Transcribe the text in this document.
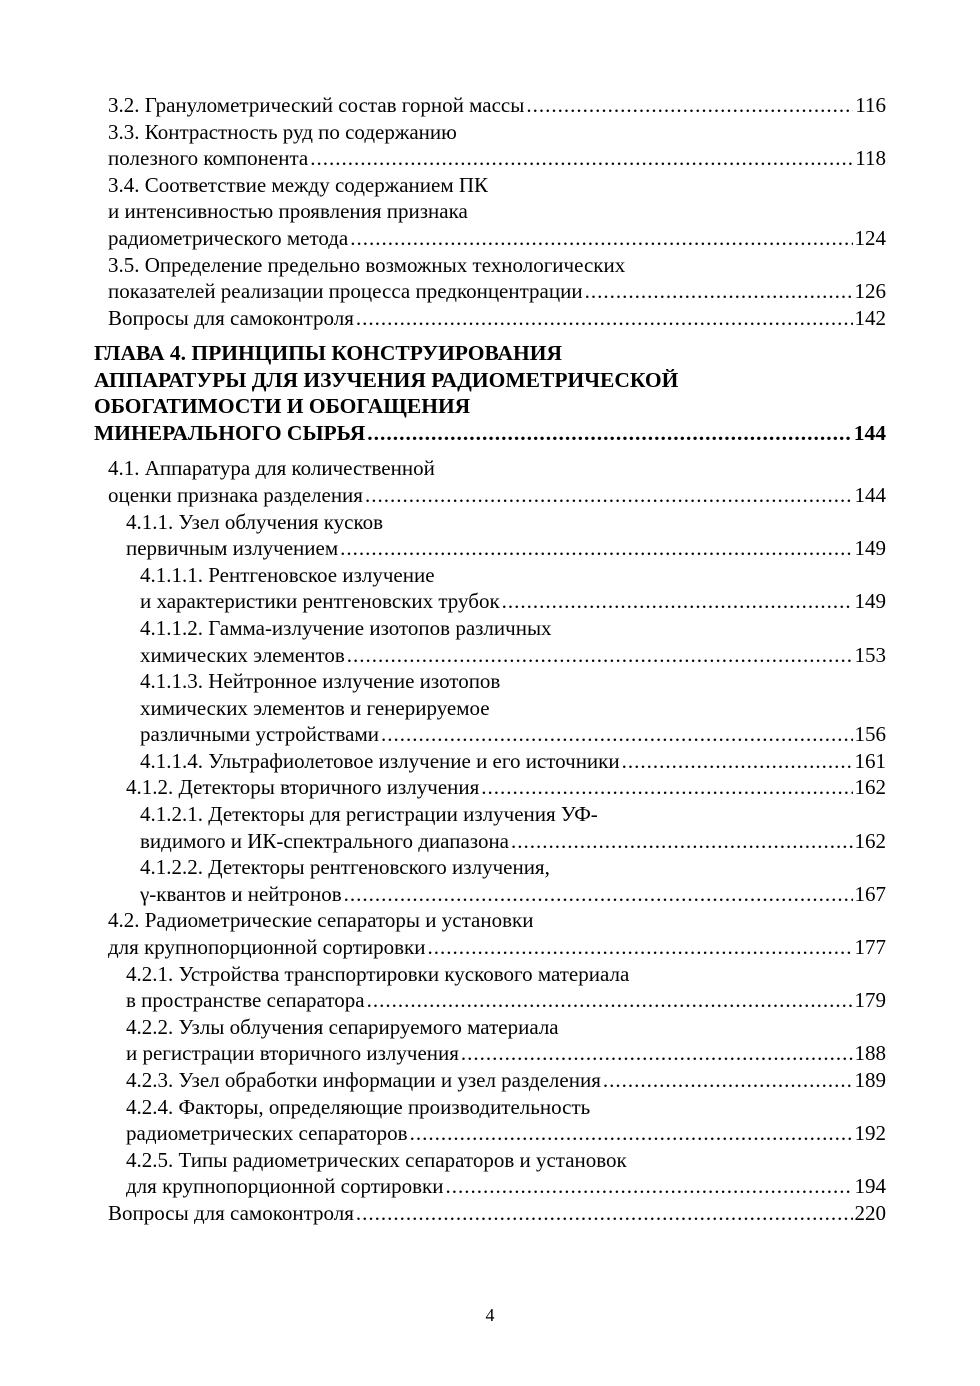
3.2. Гранулометрический состав горной массы .....	116
3.3. Контрастность руд по содержанию
полезного компонента .....	118
3.4. Соответствие между содержанием ПК
и интенсивностью проявления признака
радиометрического метода .....	124
3.5. Определение предельно возможных технологических
показателей реализации процесса предконцентрации .....	126
Вопросы для самоконтроля .....	142
ГЛАВА 4. ПРИНЦИПЫ КОНСТРУИРОВАНИЯ
АППАРАТУРЫ ДЛЯ ИЗУЧЕНИЯ РАДИОМЕТРИЧЕСКОЙ
ОБОГАТИМОСТИ И ОБОГАЩЕНИЯ
МИНЕРАЛЬНОГО СЫРЬЯ .....	144
4.1. Аппаратура для количественной
оценки признака разделения .....	144
4.1.1. Узел облучения кусков
первичным излучением .....	149
4.1.1.1. Рентгеновское излучение
и характеристики рентгеновских трубок .....	149
4.1.1.2. Гамма-излучение изотопов различных
химических элементов .....	153
4.1.1.3. Нейтронное излучение изотопов
химических элементов и генерируемое
различными устройствами .....	156
4.1.1.4. Ультрафиолетовое излучение и его источники .....	161
4.1.2. Детекторы вторичного излучения .....	162
4.1.2.1. Детекторы для регистрации излучения УФ-
видимого и ИК-спектрального диапазона .....	162
4.1.2.2. Детекторы рентгеновского излучения,
γ-квантов и нейтронов .....	167
4.2. Радиометрические сепараторы и установки
для крупнопорционной сортировки .....	177
4.2.1. Устройства транспортировки кускового материала
в пространстве сепаратора .....	179
4.2.2. Узлы облучения сепарируемого материала
и регистрации вторичного излучения .....	188
4.2.3. Узел обработки информации и узел разделения .....	189
4.2.4. Факторы, определяющие производительность
радиометрических сепараторов .....	192
4.2.5. Типы радиометрических сепараторов и установок
для крупнопорционной сортировки .....	194
Вопросы для самоконтроля .....	220
4
